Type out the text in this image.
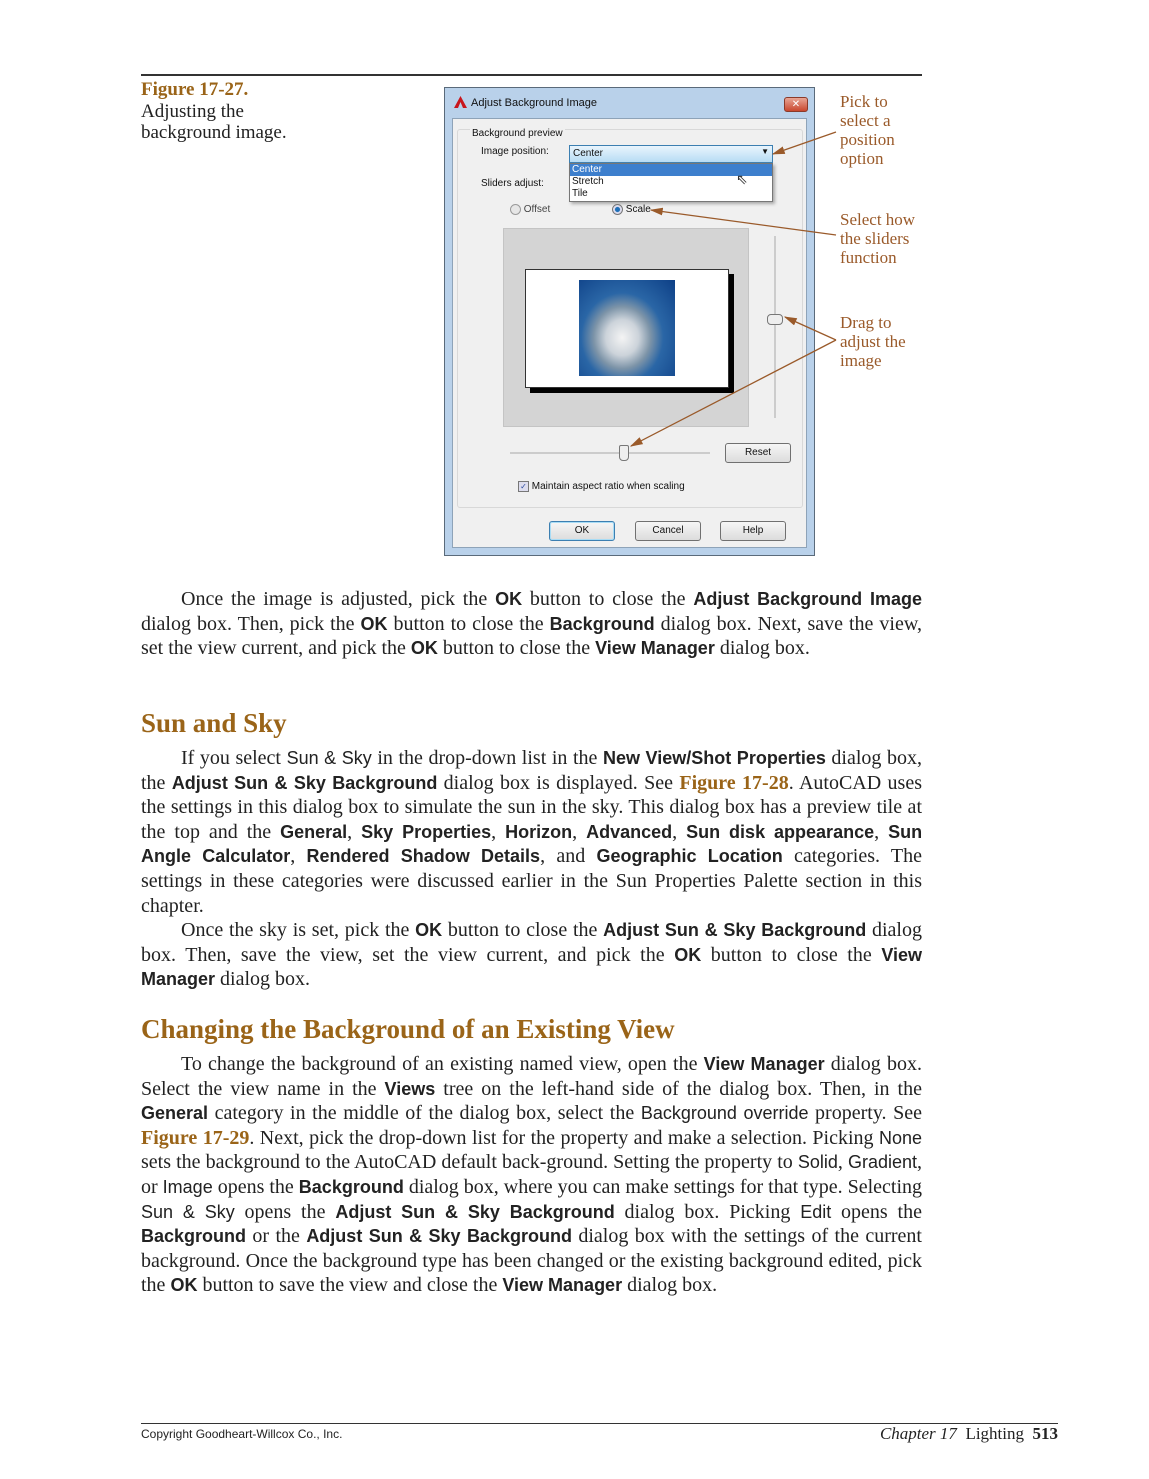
Figure 17-27.
Adjusting the
background image.
Adjust Background Image	✕
Background preview
Image position: Center	▼
Center
Stretch
Tile
⇖
Sliders adjust:
Offset	Scale
Reset
✓ Maintain aspect ratio when scaling
OK	Cancel	Help
Pick to
select a
position
option
Select how
the sliders
function
Drag to
adjust the
image
Once the image is adjusted, pick the OK button to close the Adjust Background Image dialog box. Then, pick the OK button to close the Background dialog box. Next, save the view, set the view current, and pick the OK button to close the View Manager dialog box.
Sun and Sky
If you select Sun & Sky in the drop-down list in the New View/Shot Properties dialog box, the Adjust Sun & Sky Background dialog box is displayed. See Figure 17-28. AutoCAD uses the settings in this dialog box to simulate the sun in the sky. This dialog box has a preview tile at the top and the General, Sky Properties, Horizon, Advanced, Sun disk appearance, Sun Angle Calculator, Rendered Shadow Details, and Geographic Location categories. The settings in these categories were discussed earlier in the Sun Properties Palette section in this chapter.
Once the sky is set, pick the OK button to close the Adjust Sun & Sky Background dialog box. Then, save the view, set the view current, and pick the OK button to close the View Manager dialog box.
Changing the Background of an Existing View
To change the background of an existing named view, open the View Manager dialog box. Select the view name in the Views tree on the left-hand side of the dialog box. Then, in the General category in the middle of the dialog box, select the Background override property. See Figure 17-29. Next, pick the drop-down list for the property and make a selection. Picking None sets the background to the AutoCAD default back-ground. Setting the property to Solid, Gradient, or Image opens the Background dialog box, where you can make settings for that type. Selecting Sun & Sky opens the Adjust Sun & Sky Background dialog box. Picking Edit opens the Background or the Adjust Sun & Sky Background dialog box with the settings of the current background. Once the background type has been changed or the existing background edited, pick the OK button to save the view and close the View Manager dialog box.
Copyright Goodheart-Willcox Co., Inc.	Chapter 17 Lighting 513
